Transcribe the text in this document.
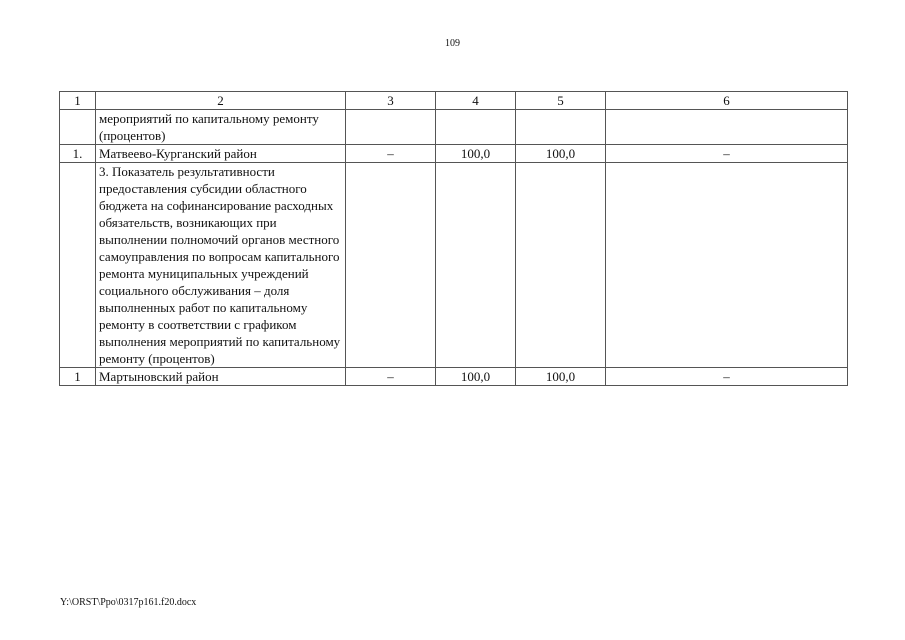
109
1	2	3	4	5	6
	мероприятий по капитальному ремонту (процентов)				
1.	Матвеево-Курганский район	–	100,0	100,0	–
	3. Показатель результативности предоставления субсидии областного бюджета на софинансирование расходных обязательств, возникающих при выполнении полномочий органов местного самоуправления по вопросам капитального ремонта муниципальных учреждений социального обслуживания – доля выполненных работ по капитальному ремонту в соответствии с графиком выполнения мероприятий по капитальному ремонту (процентов)				
1	Мартыновский район	–	100,0	100,0	–
Y:\ORST\Ppo\0317p161.f20.docx
